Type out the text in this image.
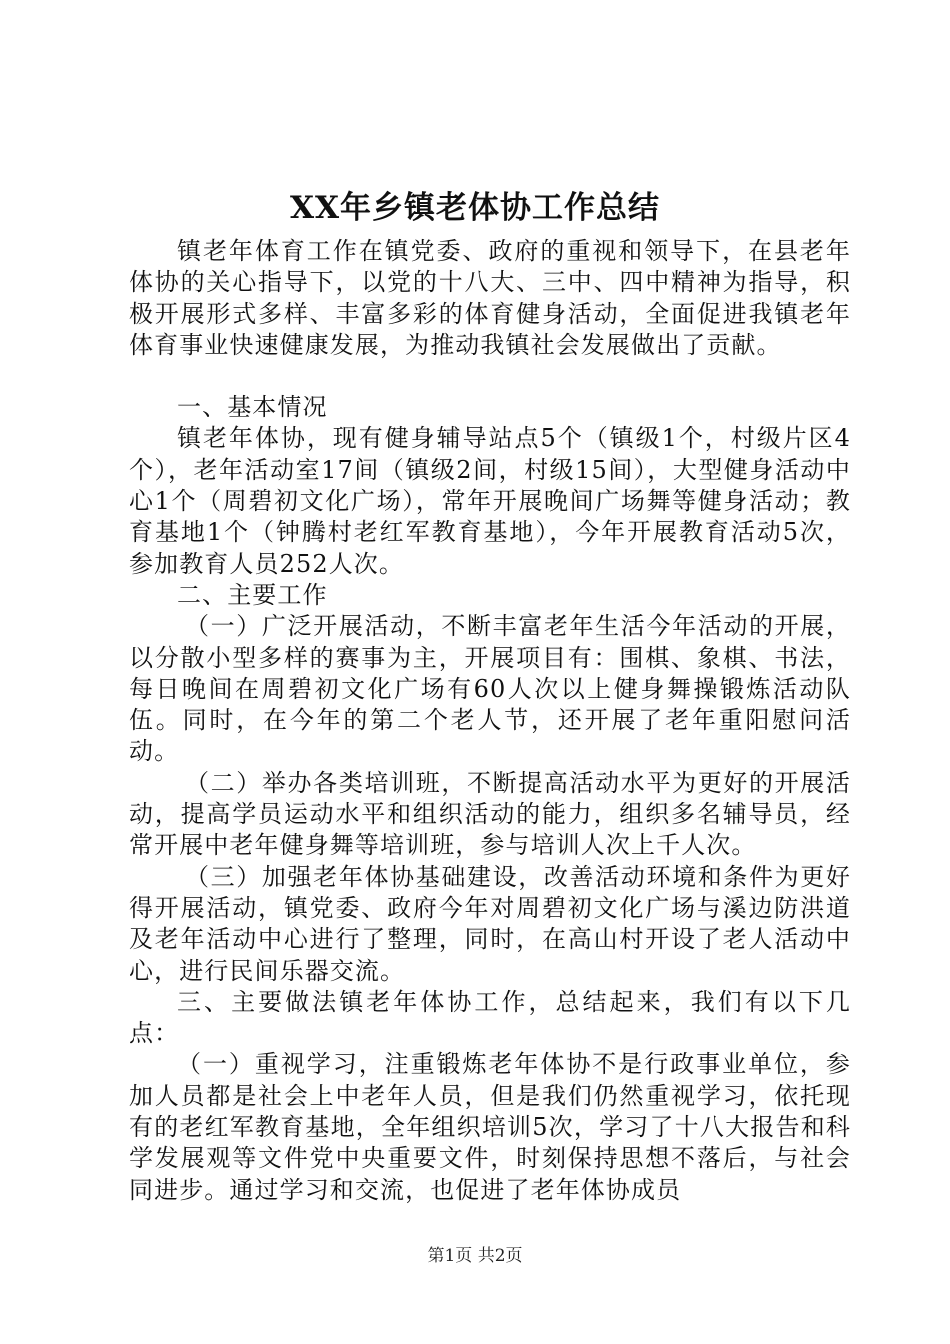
XX年乡镇老体协工作总结

镇老年体育工作在镇党委、政府的重视和领导下，在县老年体协的关心指导下，以党的十八大、三中、四中精神为指导，积极开展形式多样、丰富多彩的体育健身活动，全面促进我镇老年体育事业快速健康发展，为推动我镇社会发展做出了贡献。

一、基本情况

镇老年体协，现有健身辅导站点5个（镇级1个，村级片区4个），老年活动室17间（镇级2间，村级15间），大型健身活动中心1个（周碧初文化广场），常年开展晚间广场舞等健身活动；教育基地1个（钟腾村老红军教育基地），今年开展教育活动5次，参加教育人员252人次。

二、主要工作

（一）广泛开展活动，不断丰富老年生活今年活动的开展，以分散小型多样的赛事为主，开展项目有：围棋、象棋、书法，每日晚间在周碧初文化广场有60人次以上健身舞操锻炼活动队伍。同时，在今年的第二个老人节，还开展了老年重阳慰问活动。

（二）举办各类培训班，不断提高活动水平为更好的开展活动，提高学员运动水平和组织活动的能力，组织多名辅导员，经常开展中老年健身舞等培训班，参与培训人次上千人次。

（三）加强老年体协基础建设，改善活动环境和条件为更好得开展活动，镇党委、政府今年对周碧初文化广场与溪边防洪道及老年活动中心进行了整理，同时，在高山村开设了老人活动中心，进行民间乐器交流。

三、主要做法镇老年体协工作，总结起来，我们有以下几点：

（一）重视学习，注重锻炼老年体协不是行政事业单位，参加人员都是社会上中老年人员，但是我们仍然重视学习，依托现有的老红军教育基地，全年组织培训5次，学习了十八大报告和科学发展观等文件党中央重要文件，时刻保持思想不落后，与社会同进步。通过学习和交流，也促进了老年体协成员

第1页 共2页
